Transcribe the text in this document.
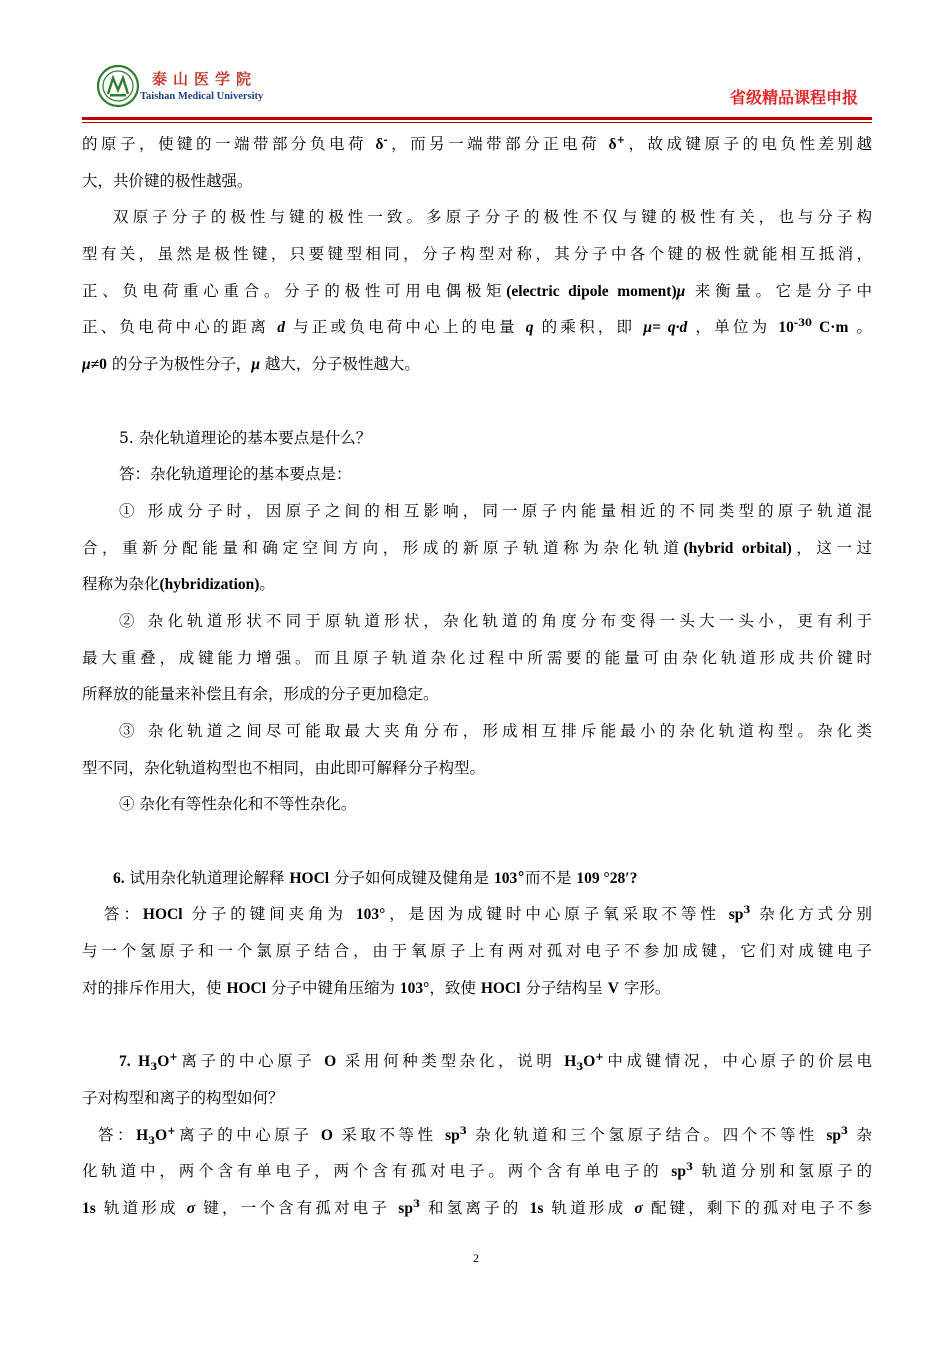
泰山医学院
Taishan Medical University	省级精品课程申报
的原子，使键的一端带部分负电荷 δ-，而另一端带部分正电荷 δ+，故成键原子的电负性差别越
大，共价键的极性越强。
双原子分子的极性与键的极性一致。多原子分子的极性不仅与键的极性有关，也与分子构
型有关，虽然是极性键，只要键型相同，分子构型对称，其分子中各个键的极性就能相互抵消，
正、负电荷重心重合。分子的极性可用电偶极矩(electric dipole moment)μ 来衡量。它是分子中
正、负电荷中心的距离 d 与正或负电荷中心上的电量 q 的乘积，即 μ= q·d ，单位为 $10^{-30}$ C·m 。
μ≠0 的分子为极性分子，μ 越大，分子极性越大。
5. 杂化轨道理论的基本要点是什么？
答：杂化轨道理论的基本要点是：
① 形成分子时，因原子之间的相互影响，同一原子内能量相近的不同类型的原子轨道混
合，重新分配能量和确定空间方向，形成的新原子轨道称为杂化轨道(hybrid orbital)，这一过
程称为杂化(hybridization)。
② 杂化轨道形状不同于原轨道形状，杂化轨道的角度分布变得一头大一头小，更有利于
最大重叠，成键能力增强。而且原子轨道杂化过程中所需要的能量可由杂化轨道形成共价键时
所释放的能量来补偿且有余，形成的分子更加稳定。
③ 杂化轨道之间尽可能取最大夹角分布，形成相互排斥能最小的杂化轨道构型。杂化类
型不同，杂化轨道构型也不相同，由此即可解释分子构型。
④ 杂化有等性杂化和不等性杂化。
6. 试用杂化轨道理论解释 HOCl 分子如何成键及健角是 103°而不是 109 °28′?
答：HOCl 分子的键间夹角为 103°，是因为成键时中心原子氧采取不等性 $sp^3$ 杂化方式分别
与一个氢原子和一个氯原子结合，由于氧原子上有两对孤对电子不参加成键，它们对成键电子
对的排斥作用大，使 HOCl 分子中键角压缩为 103°，致使 HOCl 分子结构呈 V 字形。
7. $H_3O^+$离子的中心原子 O 采用何种类型杂化，说明 $H_3O^+$中成键情况，中心原子的价层电
子对构型和离子的构型如何？
答：$H_3O^+$离子的中心原子 O 采取不等性 $sp^3$ 杂化轨道和三个氢原子结合。四个不等性 $sp^3$ 杂
化轨道中，两个含有单电子，两个含有孤对电子。两个含有单电子的 $sp^3$ 轨道分别和氢原子的
1s 轨道形成 σ 键，一个含有孤对电子 $sp^3$ 和氢离子的 1s 轨道形成 σ 配键，剩下的孤对电子不参
2
